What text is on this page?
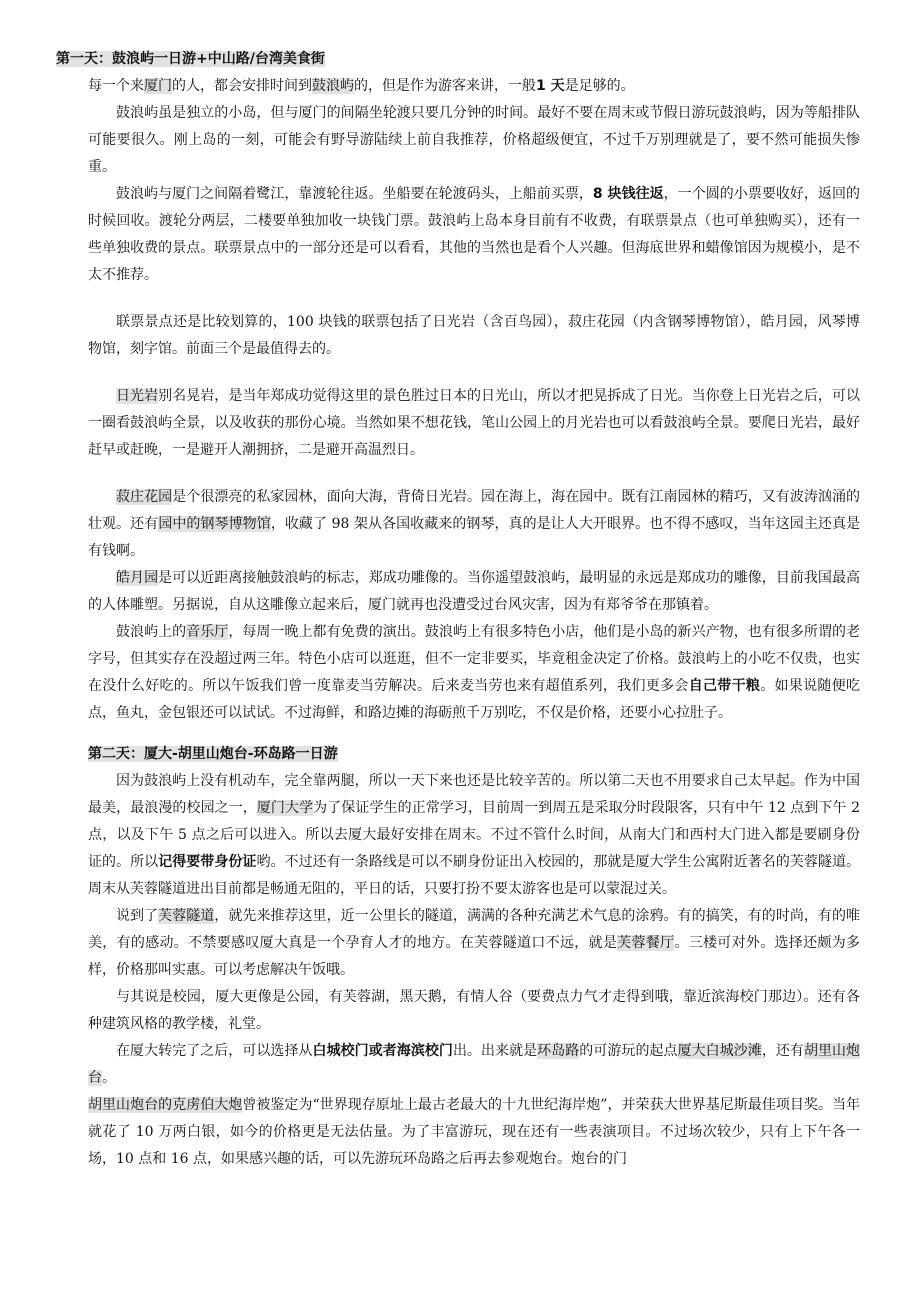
第一天：鼓浪屿一日游+中山路/台湾美食街

每一个来厦门的人，都会安排时间到鼓浪屿的，但是作为游客来讲，一般1 天是足够的。

鼓浪屿虽是独立的小岛，但与厦门的间隔坐轮渡只要几分钟的时间。最好不要在周末或节假日游玩鼓浪屿，因为等船排队可能要很久。刚上岛的一刻，可能会有野导游陆续上前自我推荐，价格超级便宜，不过千万别理就是了，要不然可能损失惨重。

鼓浪屿与厦门之间隔着鹭江，靠渡轮往返。坐船要在轮渡码头，上船前买票，8 块钱往返，一个圆的小票要收好，返回的时候回收。渡轮分两层，二楼要单独加收一块钱门票。鼓浪屿上岛本身目前有不收费，有联票景点（也可单独购买），还有一些单独收费的景点。联票景点中的一部分还是可以看看，其他的当然也是看个人兴趣。但海底世界和蜡像馆因为规模小，是不太不推荐。

联票景点还是比较划算的，100 块钱的联票包括了日光岩（含百鸟园），菽庄花园（内含钢琴博物馆），皓月园，风琴博物馆，刻字馆。前面三个是最值得去的。

日光岩别名晃岩，是当年郑成功觉得这里的景色胜过日本的日光山，所以才把晃拆成了日光。当你登上日光岩之后，可以一圈看鼓浪屿全景，以及收获的那份心境。当然如果不想花钱，笔山公园上的月光岩也可以看鼓浪屿全景。要爬日光岩，最好赶早或赶晚，一是避开人潮拥挤，二是避开高温烈日。

菽庄花园是个很漂亮的私家园林，面向大海，背倚日光岩。园在海上，海在园中。既有江南园林的精巧，又有波涛汹涌的壮观。还有园中的钢琴博物馆，收藏了 98 架从各国收藏来的钢琴，真的是让人大开眼界。也不得不感叹，当年这园主还真是有钱啊。

皓月园是可以近距离接触鼓浪屿的标志，郑成功雕像的。当你遥望鼓浪屿，最明显的永远是郑成功的雕像，目前我国最高的人体雕塑。另据说，自从这雕像立起来后，厦门就再也没遭受过台风灾害，因为有郑爷爷在那镇着。

鼓浪屿上的音乐厅，每周一晚上都有免费的演出。鼓浪屿上有很多特色小店，他们是小岛的新兴产物，也有很多所谓的老字号，但其实存在没超过两三年。特色小店可以逛逛，但不一定非要买，毕竟租金决定了价格。鼓浪屿上的小吃不仅贵，也实在没什么好吃的。所以午饭我们曾一度靠麦当劳解决。后来麦当劳也来有超值系列，我们更多会自己带干粮。如果说随便吃点，鱼丸，金包银还可以试试。不过海鲜，和路边摊的海砺煎千万别吃，不仅是价格，还要小心拉肚子。

第二天：厦大-胡里山炮台-环岛路一日游

因为鼓浪屿上没有机动车，完全靠两腿，所以一天下来也还是比较辛苦的。所以第二天也不用要求自己太早起。作为中国最美，最浪漫的校园之一，厦门大学为了保证学生的正常学习，目前周一到周五是采取分时段限客，只有中午 12 点到下午 2 点，以及下午 5 点之后可以进入。所以去厦大最好安排在周末。不过不管什么时间，从南大门和西村大门进入都是要刷身份证的。所以记得要带身份证哟。不过还有一条路线是可以不刷身份证出入校园的，那就是厦大学生公寓附近著名的芙蓉隧道。周末从芙蓉隧道进出目前都是畅通无阻的，平日的话，只要打扮不要太游客也是可以蒙混过关。

说到了芙蓉隧道，就先来推荐这里，近一公里长的隧道，满满的各种充满艺术气息的涂鸦。有的搞笑，有的时尚，有的唯美，有的感动。不禁要感叹厦大真是一个孕育人才的地方。在芙蓉隧道口不远，就是芙蓉餐厅。三楼可对外。选择还颇为多样，价格那叫实惠。可以考虑解决午饭哦。

与其说是校园，厦大更像是公园，有芙蓉湖，黑天鹅，有情人谷（要费点力气才走得到哦，靠近滨海校门那边）。还有各种建筑风格的教学楼，礼堂。

在厦大转完了之后，可以选择从白城校门或者海滨校门出。出来就是环岛路的可游玩的起点厦大白城沙滩，还有胡里山炮台。

胡里山炮台的克虏伯大炮曾被鉴定为“世界现存原址上最古老最大的十九世纪海岸炮”，并荣获大世界基尼斯最佳项目奖。当年就花了 10 万两白银，如今的价格更是无法估量。为了丰富游玩，现在还有一些表演项目。不过场次较少，只有上下午各一场，10 点和 16 点，如果感兴趣的话，可以先游玩环岛路之后再去参观炮台。炮台的门
